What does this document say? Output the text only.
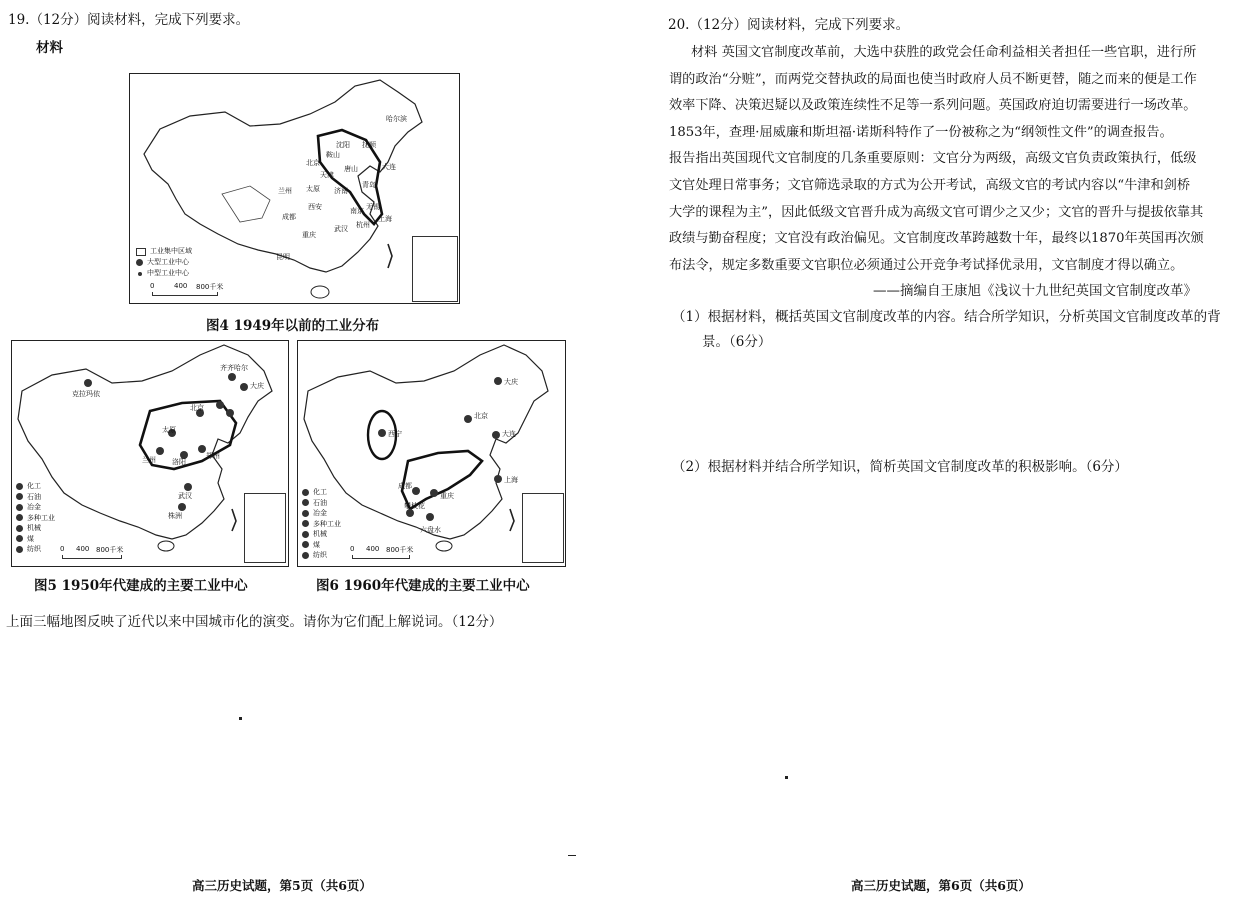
19.（12分）阅读材料，完成下列要求。
材料
哈尔滨
沈阳
鞍山
抚顺
北京
天津
唐山	大连
青岛
济南
太原
兰州
西安	南京 无锡
上海
杭州
成都
重庆
武汉
昆明
工业集中区域
大型工业中心
中型工业中心
0	400 800千米
图4 1949年以前的工业分布
克拉玛依
齐齐哈尔
大庆
北京
太原
兰州 洛阳
郑州
武汉
株洲
化工
石油
冶金
多种工业
机械
煤
纺织	0 400 800千米
图5 1950年代建成的主要工业中心
大庆
北京
大连
西宁
上海
成都
重庆
攀枝花
六盘水
化工
石油
冶金
多种工业
机械
煤
纺织
0 400 800千米
图6 1960年代建成的主要工业中心
上面三幅地图反映了近代以来中国城市化的演变。请你为它们配上解说词。（12分）
高三历史试题，第5页（共6页）
20.（12分）阅读材料，完成下列要求。
材料 英国文官制度改革前，大选中获胜的政党会任命利益相关者担任一些官职，进行所
谓的政治“分赃”，而两党交替执政的局面也使当时政府人员不断更替，随之而来的便是工作
效率下降、决策迟疑以及政策连续性不足等一系列问题。英国政府迫切需要进行一场改革。
1853年，查理·屈威廉和斯坦福·诺斯科特作了一份被称之为“纲领性文件”的调查报告。
报告指出英国现代文官制度的几条重要原则：文官分为两级，高级文官负责政策执行，低级
文官处理日常事务；文官筛选录取的方式为公开考试，高级文官的考试内容以“牛津和剑桥
大学的课程为主”，因此低级文官晋升成为高级文官可谓少之又少；文官的晋升与提拔依靠其
政绩与勤奋程度；文官没有政治偏见。文官制度改革跨越数十年，最终以1870年英国再次颁
布法令，规定多数重要文官职位必须通过公开竞争考试择优录用，文官制度才得以确立。
——摘编自王康旭《浅议十九世纪英国文官制度改革》
（1）根据材料，概括英国文官制度改革的内容。结合所学知识，分析英国文官制度改革的背
景。（6分）
（2）根据材料并结合所学知识，简析英国文官制度改革的积极影响。（6分）
高三历史试题，第6页（共6页）
